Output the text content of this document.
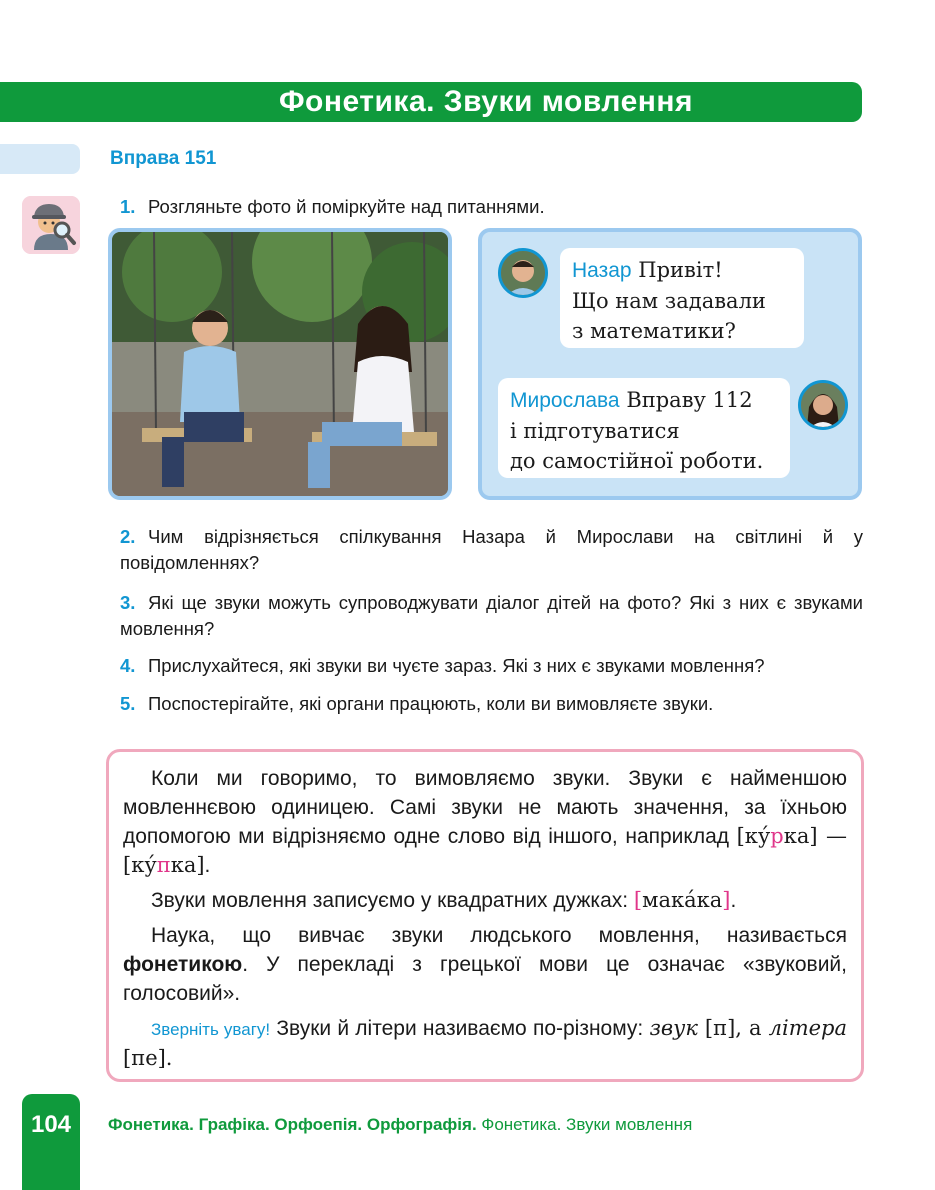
Фонетика. Звуки мовлення
Вправа 151
1. Розгляньте фото й поміркуйте над питаннями.
Назар Привіт!
Що нам задавали
з математики?
Мирослава Вправу 112
і підготуватися
до самостійної роботи.
2. Чим відрізняється спілкування Назара й Мирослави на світлині й у повідомленнях?
3. Які ще звуки можуть супроводжувати діалог дітей на фото? Які з них є звуками мовлення?
4. Прислухайтеся, які звуки ви чуєте зараз. Які з них є звуками мовлення?
5. Поспостерігайте, які органи працюють, коли ви вимовляєте звуки.

Коли ми говоримо, то вимовляємо звуки. Звуки є найменшою мовленнєвою одиницею. Самі звуки не мають значення, за їхньою допомогою ми відрізняємо одне слово від іншого, наприклад [ку́рка] — [ку́пка].

Звуки мовлення записуємо у квадратних дужках: [мака́ка].

Наука, що вивчає звуки людського мовлення, називається фонетикою. У перекладі з грецької мови це означає «звуковий, голосовий».

Зверніть увагу! Звуки й літери називаємо по-різному: звук [п], а літера [пе].

104	Фонетика. Графіка. Орфоепія. Орфографія. Фонетика. Звуки мовлення
